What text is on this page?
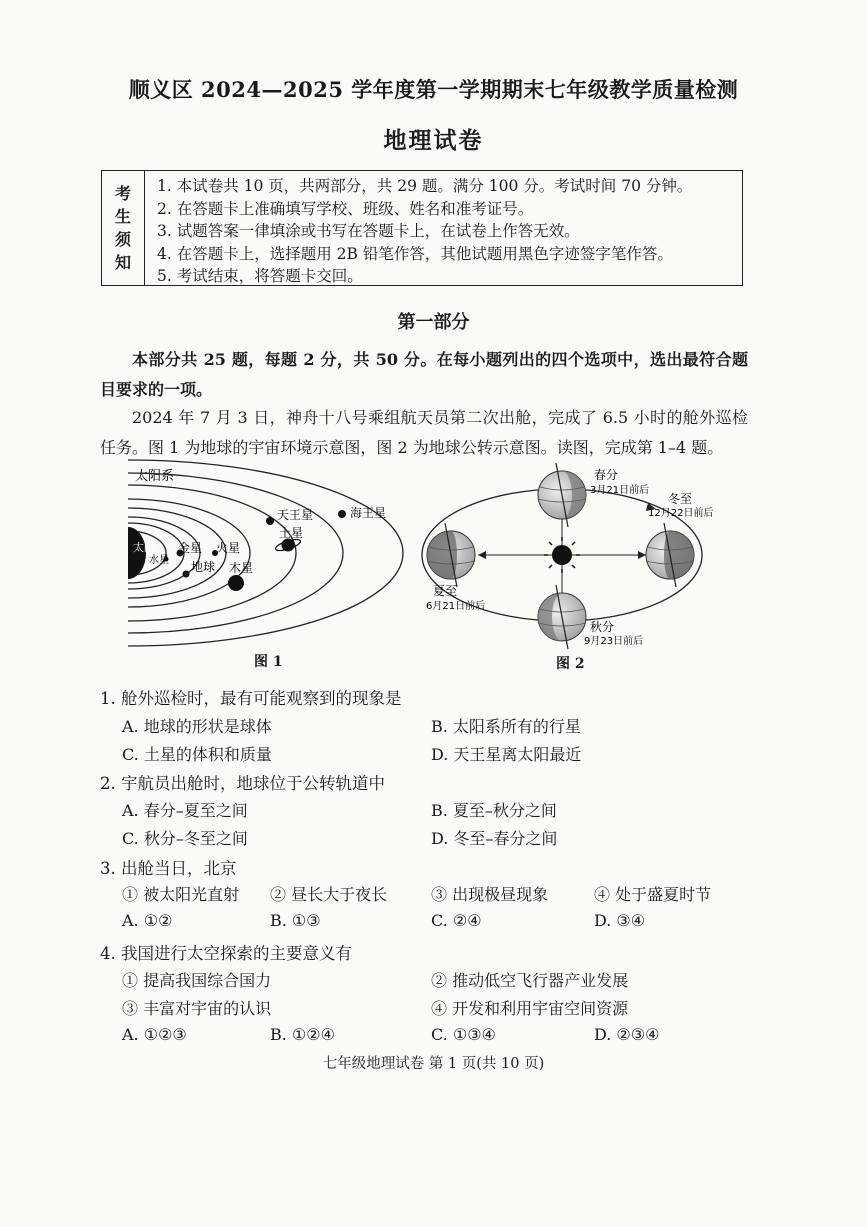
顺义区 2024—2025 学年度第一学期期末七年级教学质量检测
地理试卷
考
生
须
知
1. 本试卷共 10 页，共两部分，共 29 题。满分 100 分。考试时间 70 分钟。
2. 在答题卡上准确填写学校、班级、姓名和准考证号。
3. 试题答案一律填涂或书写在答题卡上，在试卷上作答无效。
4. 在答题卡上，选择题用 2B 铅笔作答，其他试题用黑色字迹签字笔作答。
5. 考试结束，将答题卡交回。
第一部分
本部分共 25 题，每题 2 分，共 50 分。在每小题列出的四个选项中，选出最符合题目要求的一项。
2024 年 7 月 3 日，神舟十八号乘组航天员第二次出舱，完成了 6.5 小时的舱外巡检任务。图 1 为地球的宇宙环境示意图，图 2 为地球公转示意图。读图，完成第 1–4 题。
太阳系
太阳
水星
金星
地球
火星
木星
土星
天王星	海王星
春分
3月21日前后
冬至
12月22日前后
夏至
6月21日前后
秋分
9月23日前后
图 1	图 2
1. 舱外巡检时，最有可能观察到的现象是
A. 地球的形状是球体	B. 太阳系所有的行星
C. 土星的体积和质量	D. 天王星离太阳最近
2. 宇航员出舱时，地球位于公转轨道中
A. 春分–夏至之间	B. 夏至–秋分之间
C. 秋分–冬至之间	D. 冬至–春分之间
3. 出舱当日，北京
① 被太阳光直射 ② 昼长大于夜长	③ 出现极昼现象	④ 处于盛夏时节
A. ①②	B. ①③	C. ②④	D. ③④
4. 我国进行太空探索的主要意义有
① 提高我国综合国力	② 推动低空飞行器产业发展
③ 丰富对宇宙的认识	④ 开发和利用宇宙空间资源
A. ①②③	B. ①②④	C. ①③④	D. ②③④
七年级地理试卷 第 1 页(共 10 页)
